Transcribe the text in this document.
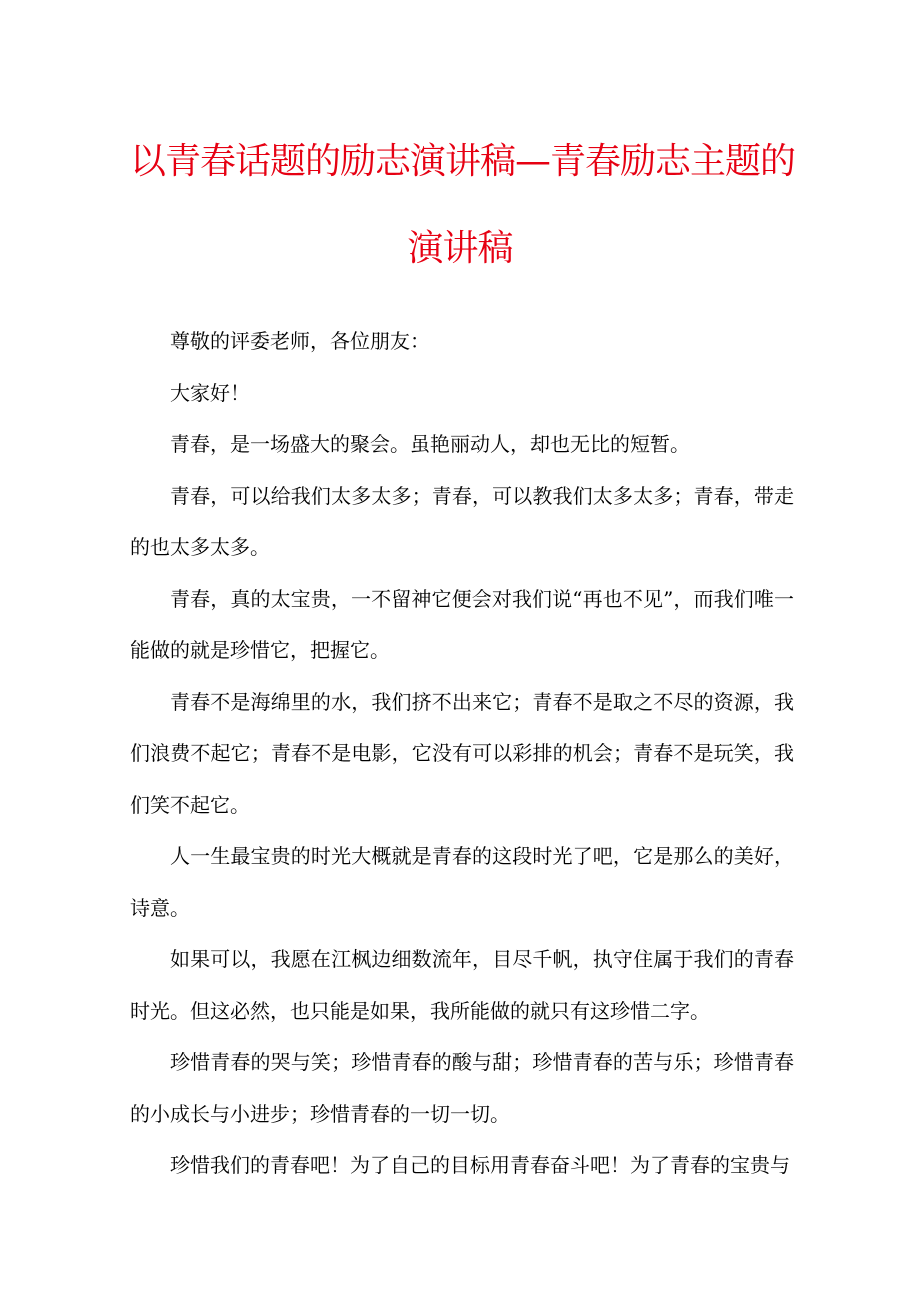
以青春话题的励志演讲稿—青春励志主题的
演讲稿

尊敬的评委老师，各位朋友：

大家好！

青春，是一场盛大的聚会。虽艳丽动人，却也无比的短暂。

青春，可以给我们太多太多；青春，可以教我们太多太多；青春，带走的也太多太多。

青春，真的太宝贵，一不留神它便会对我们说“再也不见”，而我们唯一能做的就是珍惜它，把握它。

青春不是海绵里的水，我们挤不出来它；青春不是取之不尽的资源，我们浪费不起它；青春不是电影，它没有可以彩排的机会；青春不是玩笑，我们笑不起它。

人一生最宝贵的时光大概就是青春的这段时光了吧，它是那么的美好，诗意。

如果可以，我愿在江枫边细数流年，目尽千帆，执守住属于我们的青春时光。但这必然，也只能是如果，我所能做的就只有这珍惜二字。

珍惜青春的哭与笑；珍惜青春的酸与甜；珍惜青春的苦与乐；珍惜青春的小成长与小进步；珍惜青春的一切一切。

珍惜我们的青春吧！为了自己的目标用青春奋斗吧！为了青春的宝贵与
